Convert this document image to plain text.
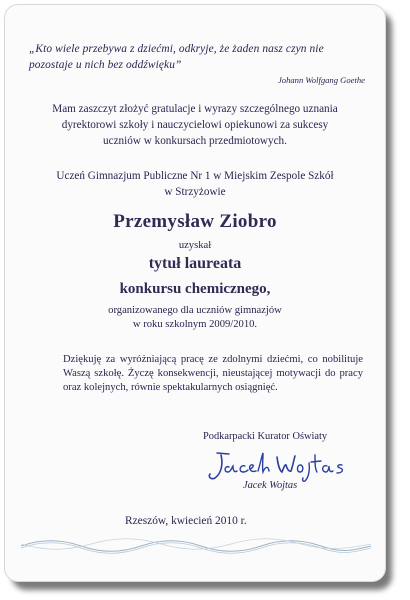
„Kto wiele przebywa z dziećmi, odkryje, że żaden nasz czyn nie pozostaje u nich bez oddźwięku”
Johann Wolfgang Goethe
Mam zaszczyt złożyć gratulacje i wyrazy szczególnego uznania
dyrektorowi szkoły i nauczycielowi opiekunowi za sukcesy
uczniów w konkursach przedmiotowych.
Uczeń Gimnazjum Publiczne Nr 1 w Miejskim Zespole Szkół
w Strzyżowie
Przemysław Ziobro
uzyskał
tytuł laureata
konkursu chemicznego,
organizowanego dla uczniów gimnazjów
w roku szkolnym 2009/2010.
Dziękuję za wyróżniającą pracę ze zdolnymi dziećmi, co nobilituje Waszą szkołę. Życzę konsekwencji, nieustającej motywacji do pracy oraz kolejnych, równie spektakularnych osiągnięć.
Podkarpacki Kurator Oświaty
Jacek Wojtas
Rzeszów, kwiecień 2010 r.
